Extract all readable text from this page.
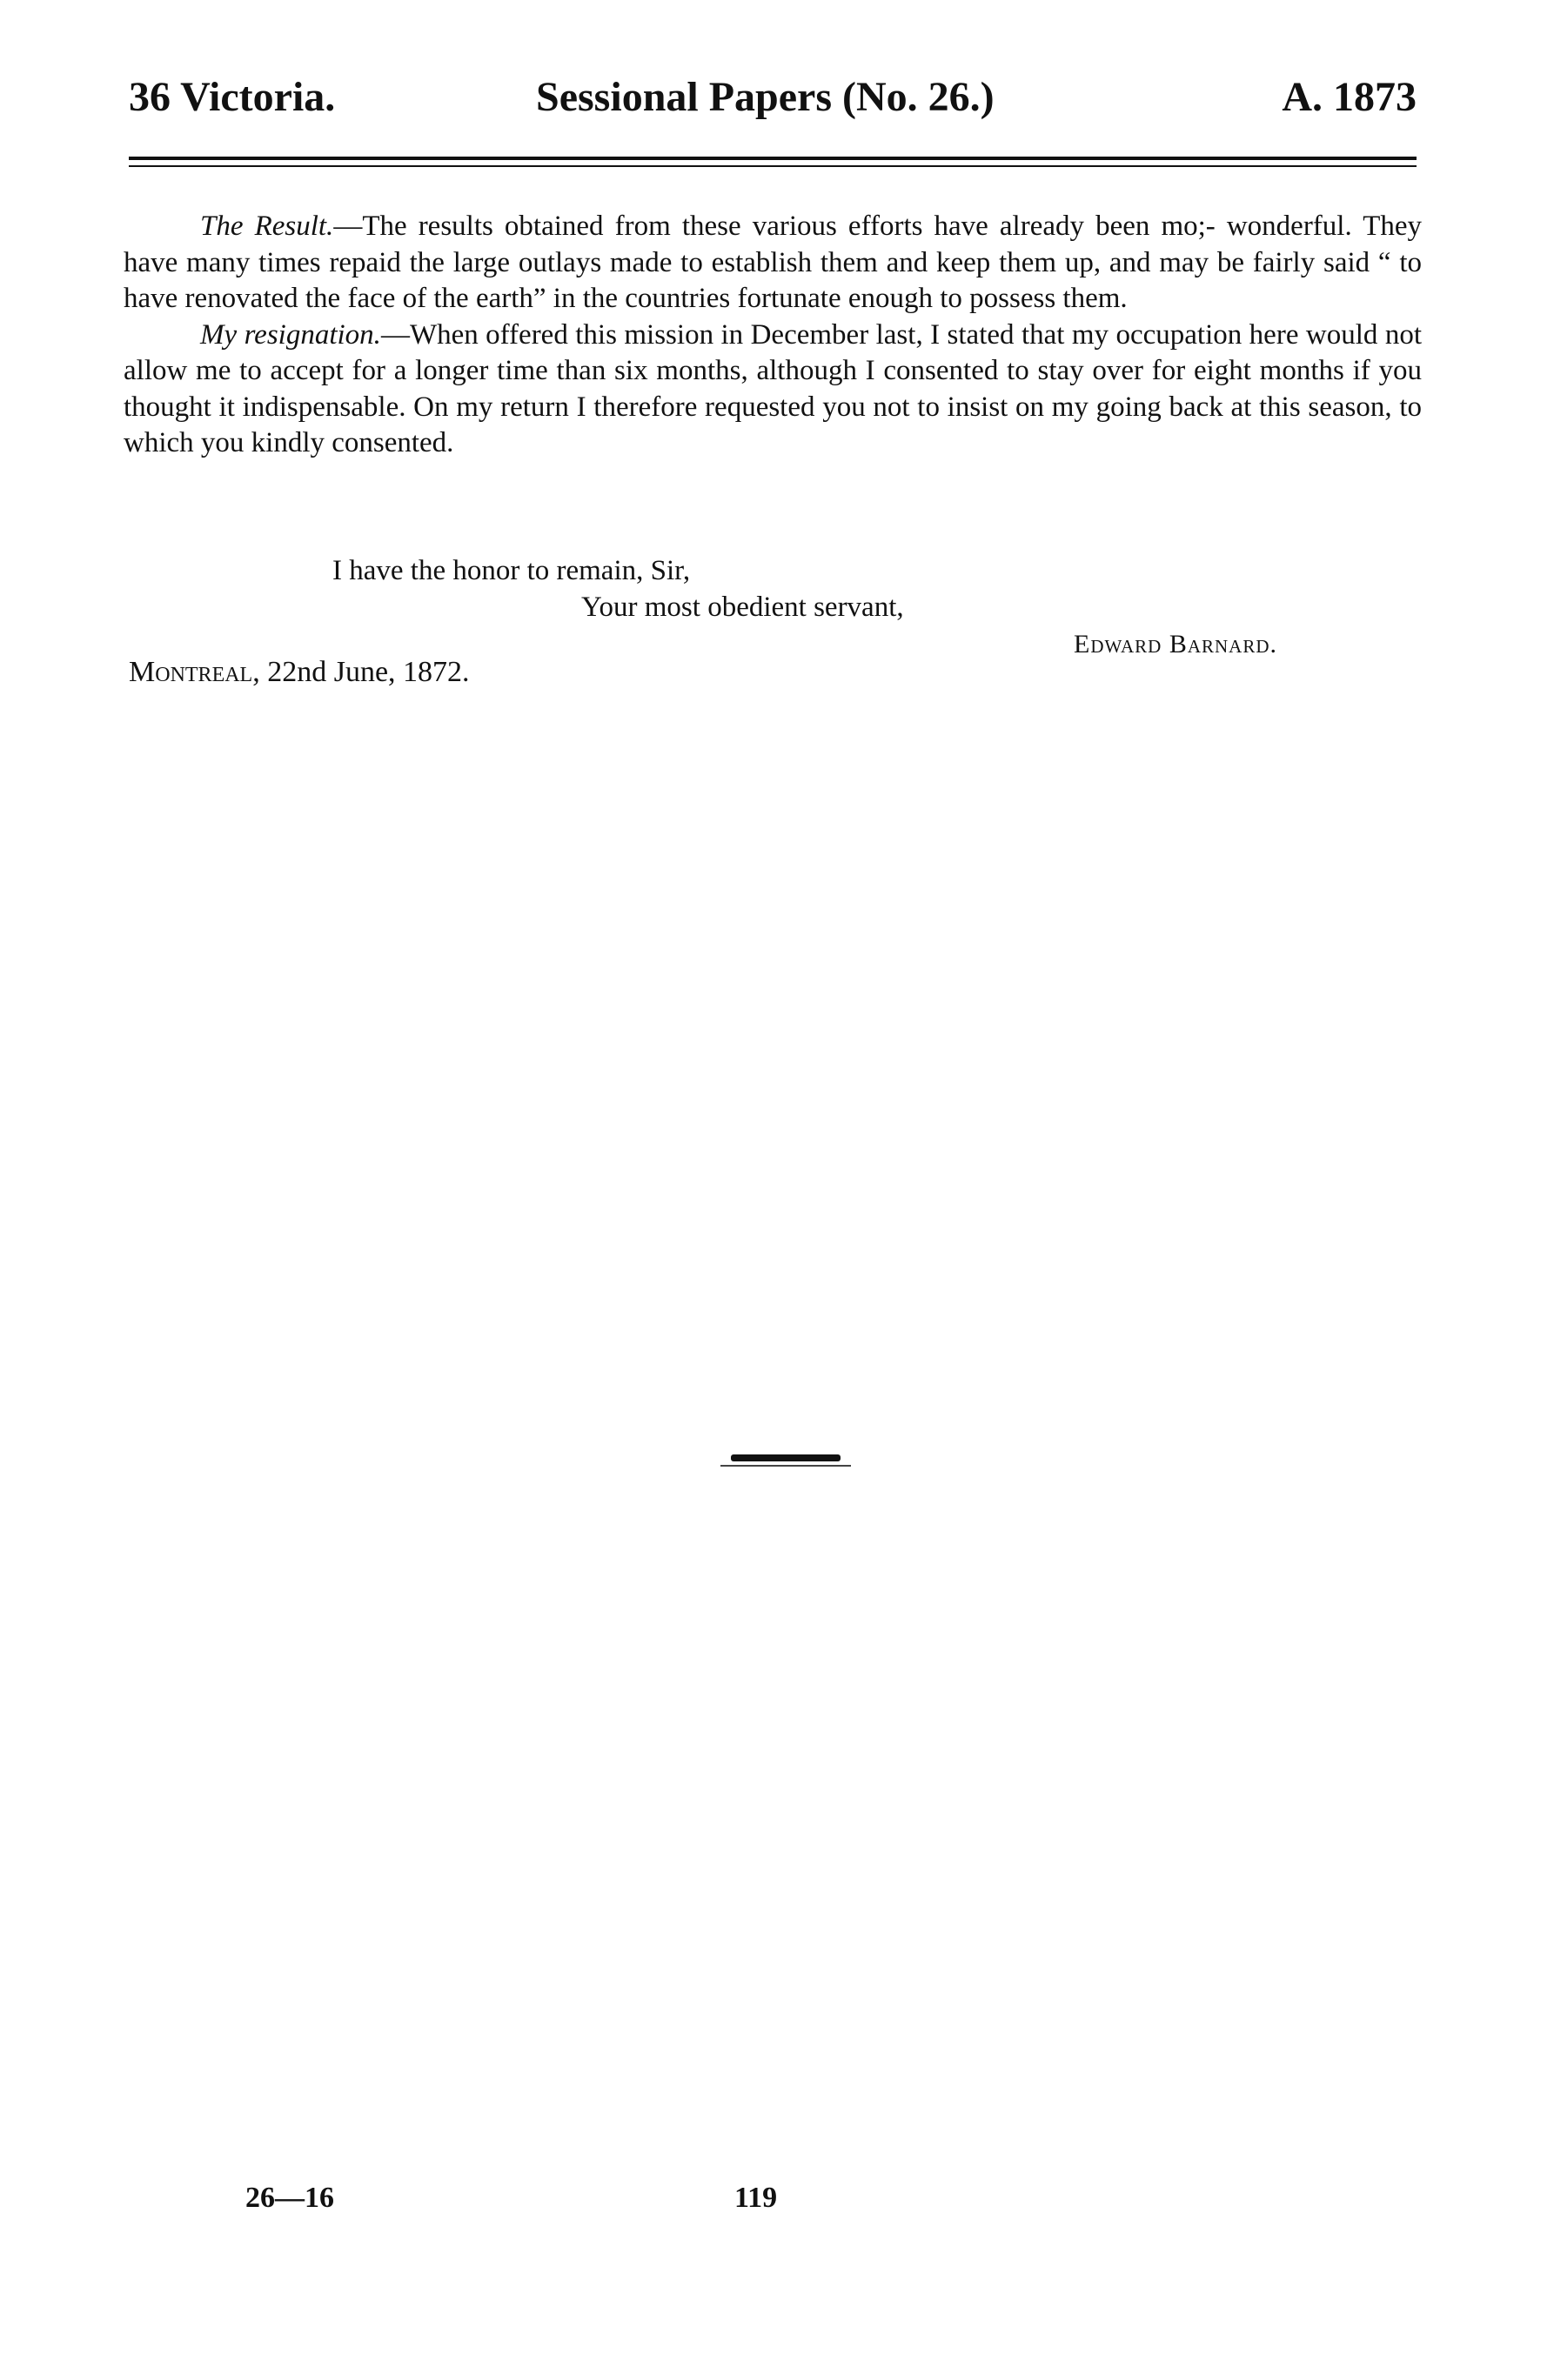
36 Victoria.	Sessional Papers (No. 26.)	A. 1873

The Result.—The results obtained from these various efforts have already been mo;- wonderful. They have many times repaid the large outlays made to establish them and keep them up, and may be fairly said “ to have renovated the face of the earth” in the countries fortunate enough to possess them.

My resignation.—When offered this mission in December last, I stated that my occupation here would not allow me to accept for a longer time than six months, although I consented to stay over for eight months if you thought it indispensable. On my return I therefore requested you not to insist on my going back at this season, to which you kindly consented.

I have the honor to remain, Sir,
Your most obedient servant,
Edward Barnard.
Montreal, 22nd June, 1872.
26—16	119
